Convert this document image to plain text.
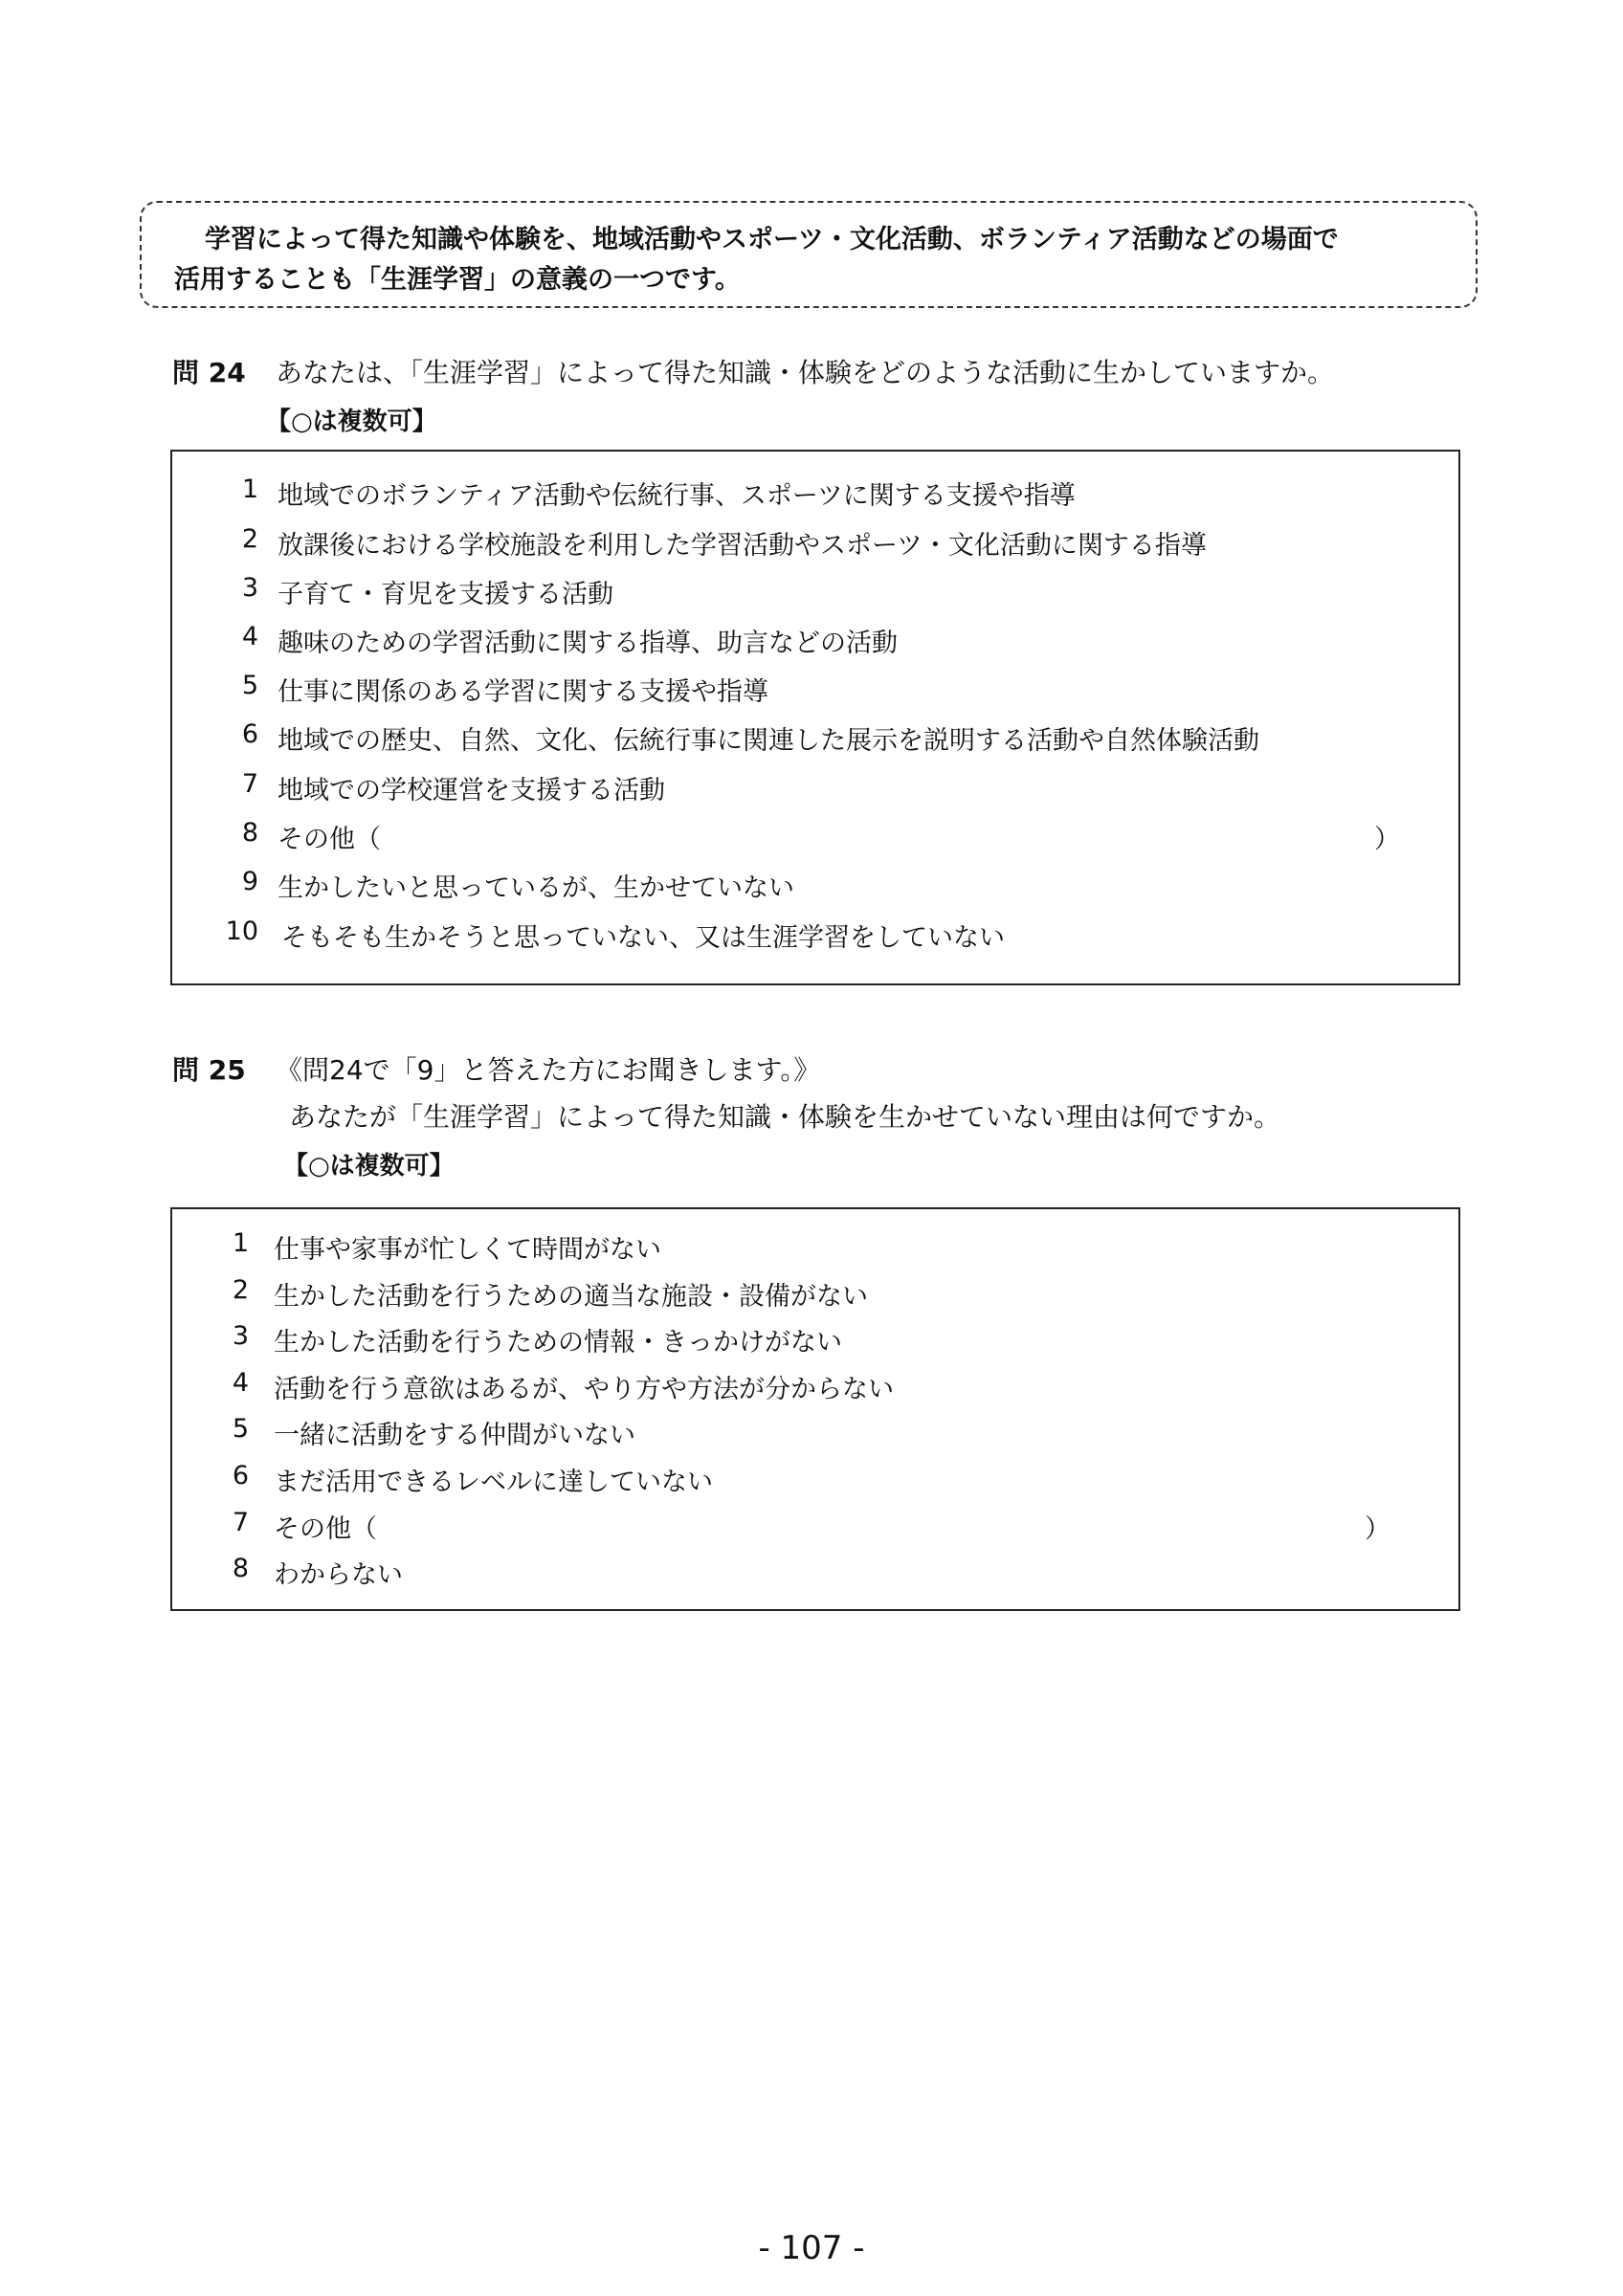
学習によって得た知識や体験を、地域活動やスポーツ・文化活動、ボランティア活動などの場面で
活用することも「生涯学習」の意義の一つです。
問 24 あなたは、「生涯学習」によって得た知識・体験をどのような活動に生かしていますか。
【○は複数可】
1 地域でのボランティア活動や伝統行事、スポーツに関する支援や指導
2 放課後における学校施設を利用した学習活動やスポーツ・文化活動に関する指導
3 子育て・育児を支援する活動
4 趣味のための学習活動に関する指導、助言などの活動
5 仕事に関係のある学習に関する支援や指導
6 地域での歴史、自然、文化、伝統行事に関連した展示を説明する活動や自然体験活動
7 地域での学校運営を支援する活動
8 その他（	）
9 生かしたいと思っているが、生かせていない
10 そもそも生かそうと思っていない、又は生涯学習をしていない
問 25 《問24で「9」と答えた方にお聞きします。》
あなたが「生涯学習」によって得た知識・体験を生かせていない理由は何ですか。
【○は複数可】
1 仕事や家事が忙しくて時間がない
2 生かした活動を行うための適当な施設・設備がない
3 生かした活動を行うための情報・きっかけがない
4 活動を行う意欲はあるが、やり方や方法が分からない
5 一緒に活動をする仲間がいない
6 まだ活用できるレベルに達していない
7 その他（	）
8 わからない
- 107 -
